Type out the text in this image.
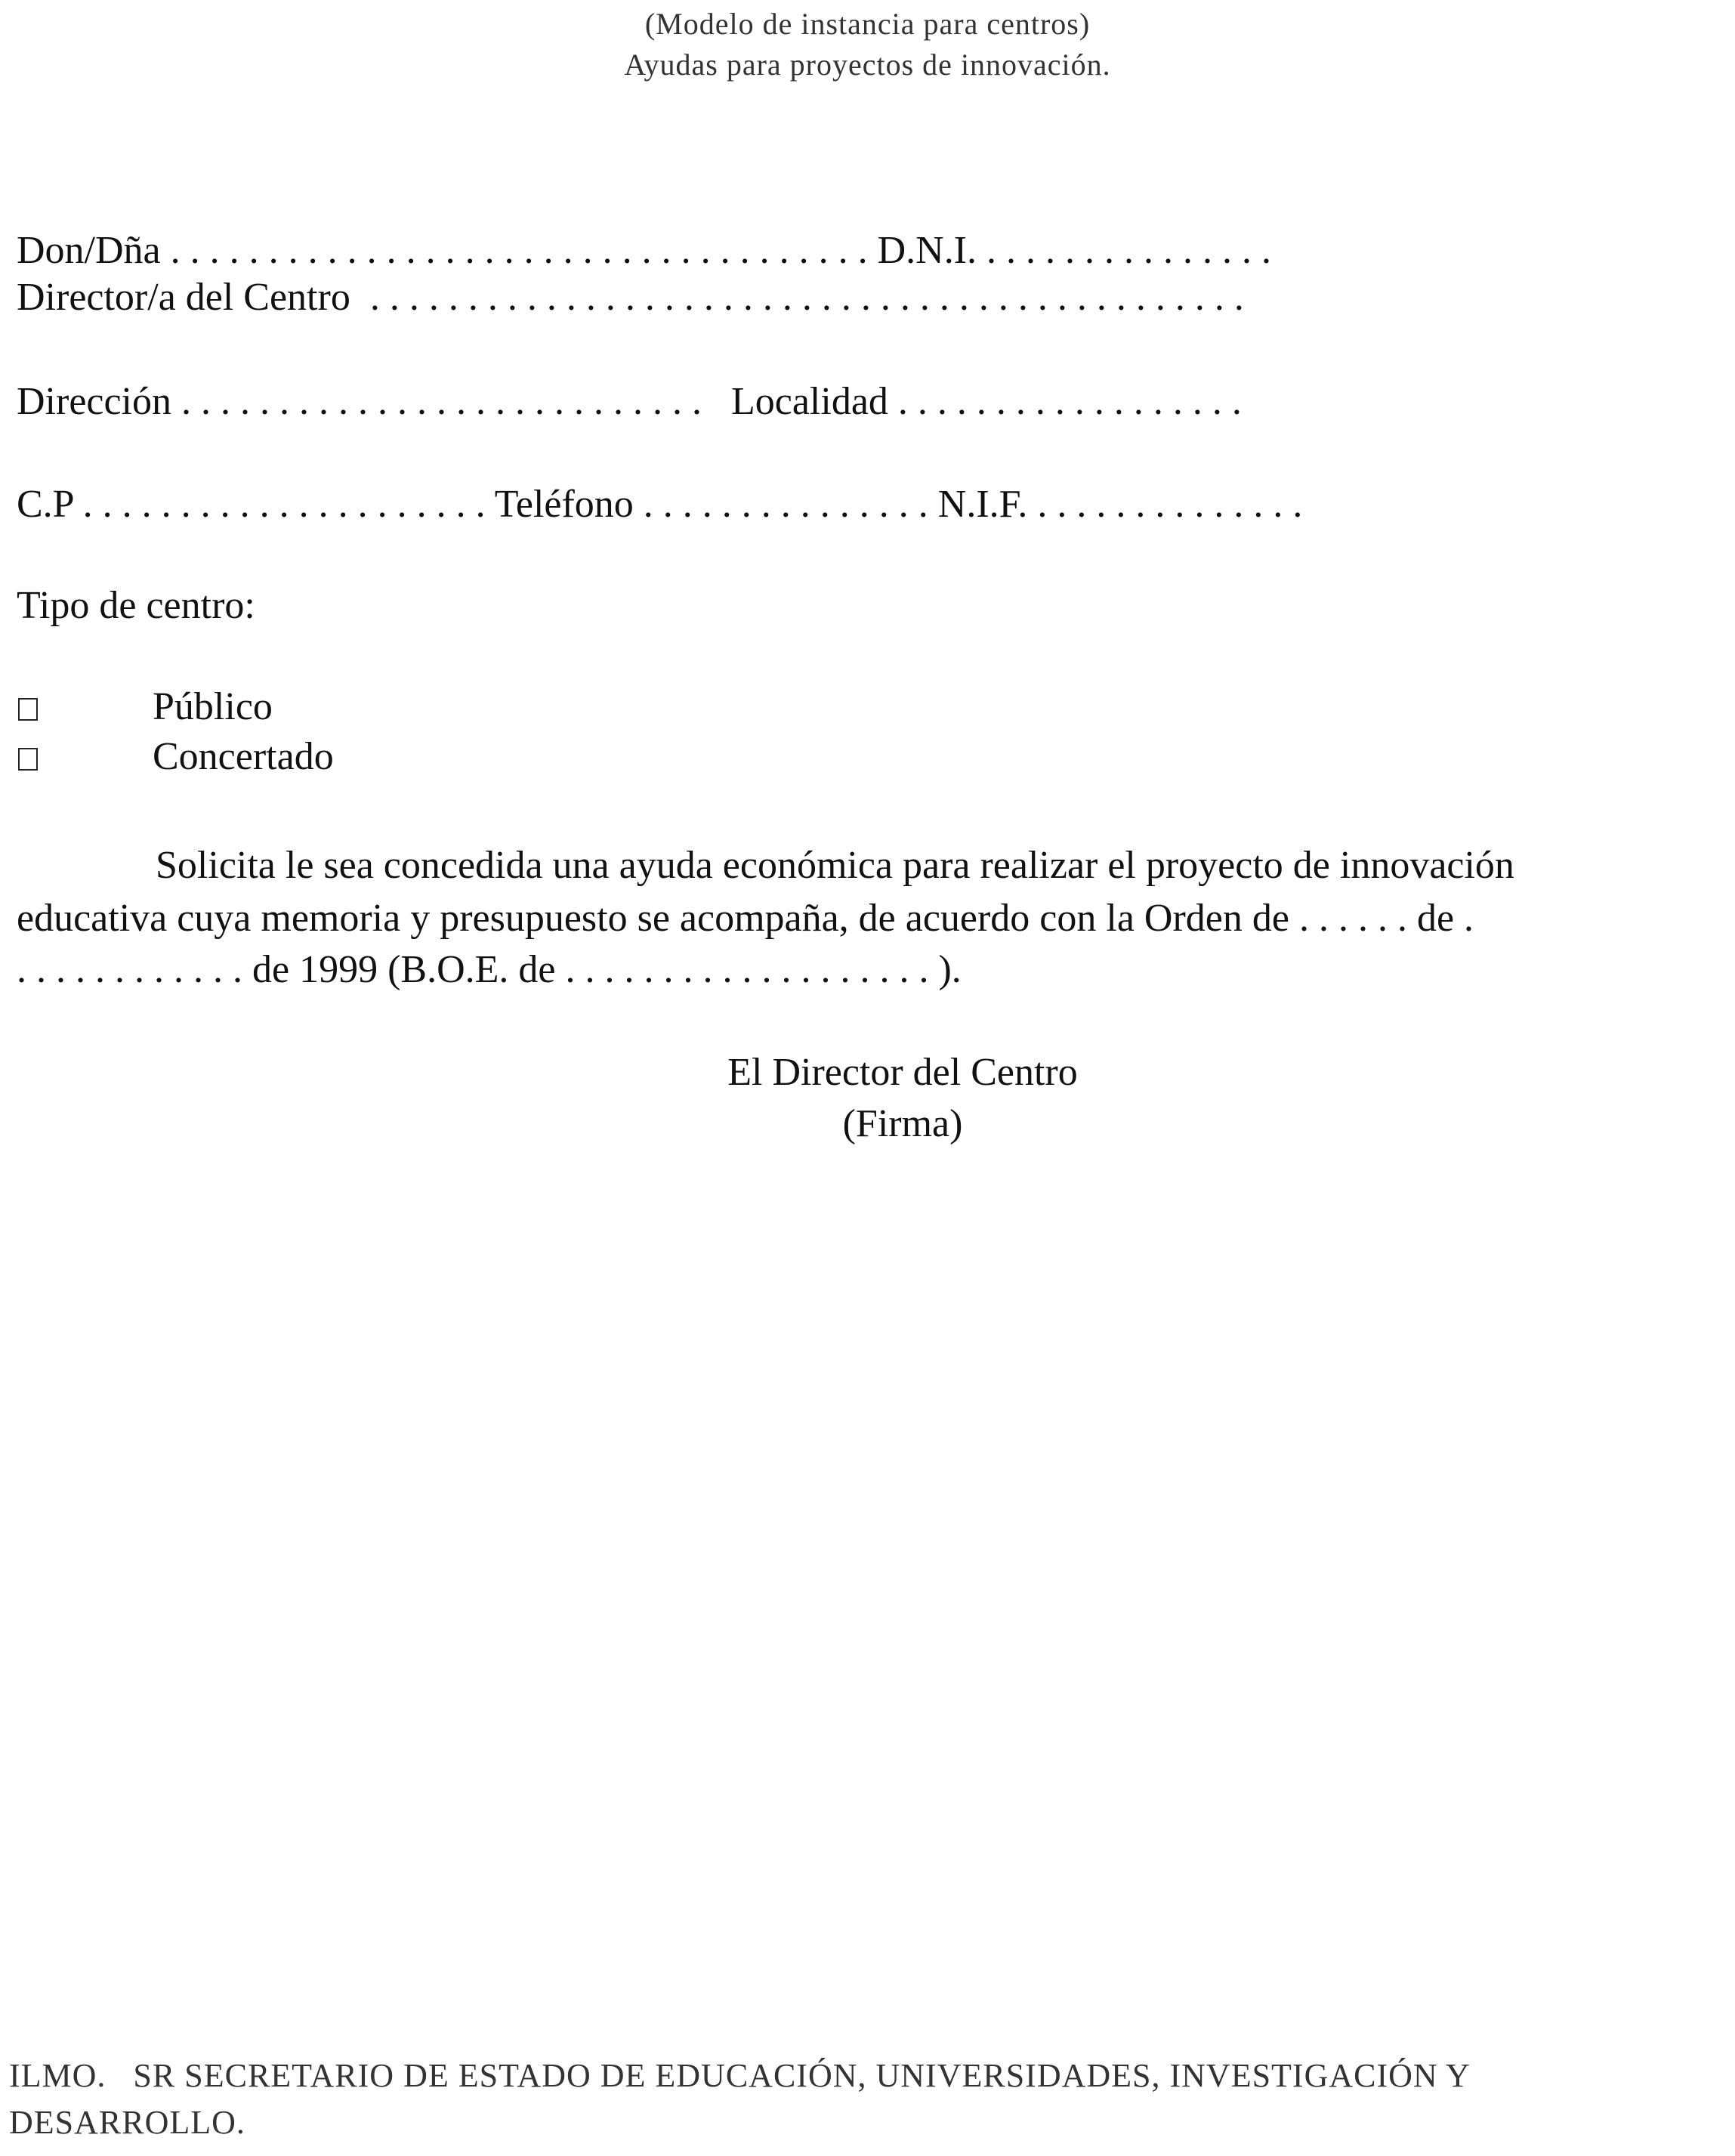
(Modelo de instancia para centros)
Ayudas para proyectos de innovación.
Don/Dña . . . . . . . . . . . . . . . . . . . . . . . . . . . . . . . . . . . . D.N.I. . . . . . . . . . . . . . . .
Director/a del Centro  . . . . . . . . . . . . . . . . . . . . . . . . . . . . . . . . . . . . . . . . . . . . .
Dirección . . . . . . . . . . . . . . . . . . . . . . . . . . .   Localidad . . . . . . . . . . . . . . . . . .
C.P . . . . . . . . . . . . . . . . . . . . . Teléfono . . . . . . . . . . . . . . . N.I.F. . . . . . . . . . . . . . .
Tipo de centro:
Público
Concertado
Solicita le sea concedida una ayuda económica para realizar el proyecto de innovación
educativa cuya memoria y presupuesto se acompaña, de acuerdo con la Orden de . . . . . . de .
. . . . . . . . . . . . de 1999 (B.O.E. de . . . . . . . . . . . . . . . . . . . ).
El Director del Centro
(Firma)
ILMO.   SR SECRETARIO DE ESTADO DE EDUCACIÓN, UNIVERSIDADES, INVESTIGACIÓN Y
DESARROLLO.
